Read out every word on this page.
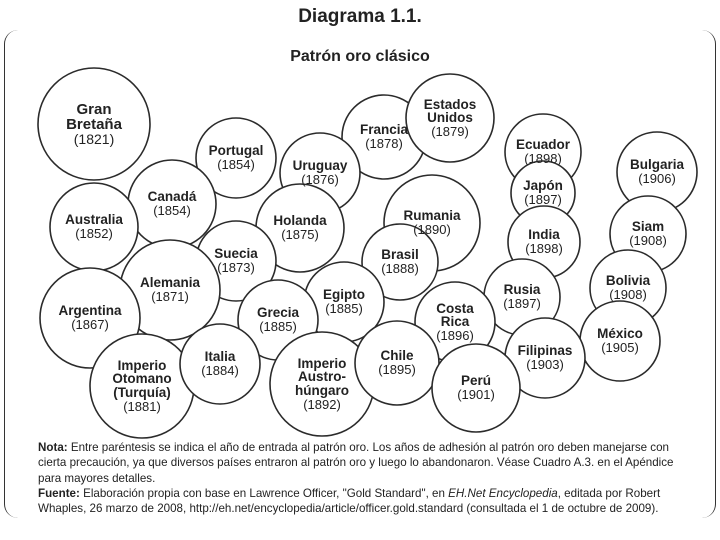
Diagrama 1.1.
Patrón oro clásico
Gran
Bretaña
(1821)
Portugal
(1854)
Francia
(1878)
Estados
Unidos
(1879)
Ecuador
(1898)	Bulgaria
(1906)
Uruguay
(1876)
Canadá
(1854)
Australia
(1852)
Japón
(1897)
Holanda
(1875)
Rumania
(1890)	Siam
(1908)
India
(1898)
Suecia
(1873)
Brasil
(1888)
Alemania
(1871)
Bolivia
(1908)
Rusia
(1897)
Argentina
(1867)
Egipto
(1885)	Costa
Rica
(1896)
Grecia
(1885)	México
(1905)
Imperio
Otomano
(Turquía)
(1881)
Italia
(1884)
Imperio
Austro-
húngaro
(1892)
Chile
(1895)
Filipinas
(1903)
Perú
(1901)

Nota: Entre paréntesis se indica el año de entrada al patrón oro. Los años de adhesión al patrón oro deben manejarse con cierta precaución, ya que diversos países entraron al patrón oro y luego lo abandonaron. Véase Cuadro A.3. en el Apéndice para mayores detalles.

Fuente: Elaboración propia con base en Lawrence Officer, "Gold Standard", en EH.Net Encyclopedia, editada por Robert Whaples, 26 marzo de 2008, http://eh.net/encyclopedia/article/officer.gold.standard (consultada el 1 de octubre de 2009).
